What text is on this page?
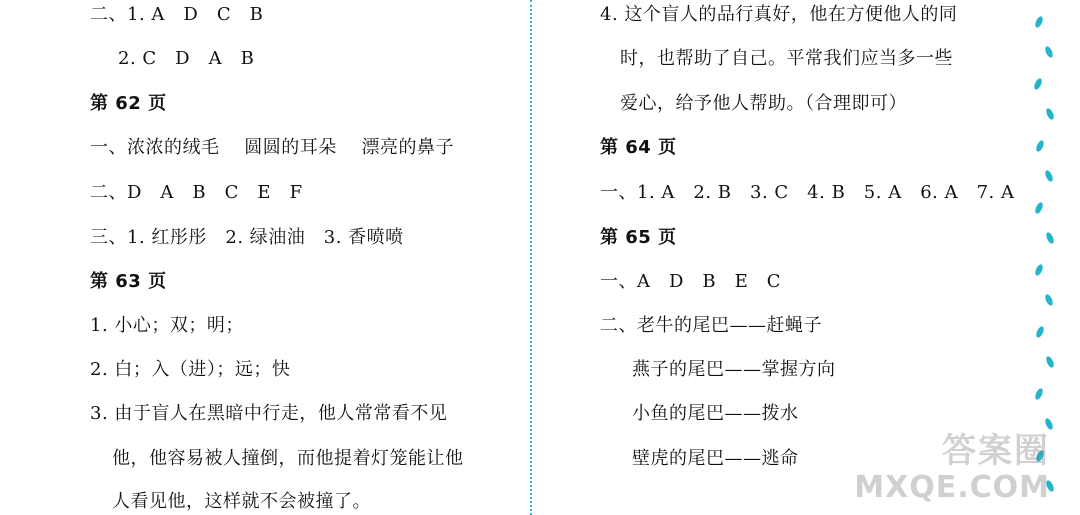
二、1. A　D　C　B
2. C　D　A　B
第 62 页
一、浓浓的绒毛　 圆圆的耳朵　 漂亮的鼻子
二、D　A　B　C　E　F
三、1. 红彤彤　2. 绿油油　3. 香喷喷
第 63 页
1. 小心；双；明；
2. 白；入（进）；远；快
3. 由于盲人在黑暗中行走，他人常常看不见
他，他容易被人撞倒，而他提着灯笼能让他
人看见他，这样就不会被撞了。
4. 这个盲人的品行真好，他在方便他人的同
时，也帮助了自己。平常我们应当多一些
爱心，给予他人帮助。（合理即可）
第 64 页
一、1. A　2. B　3. C　4. B　5. A　6. A　7. A
第 65 页
一、A　D　B　E　C
二、老牛的尾巴——赶蝇子
燕子的尾巴——掌握方向
小鱼的尾巴——拨水
壁虎的尾巴——逃命	答案圈
MXQE.COM
